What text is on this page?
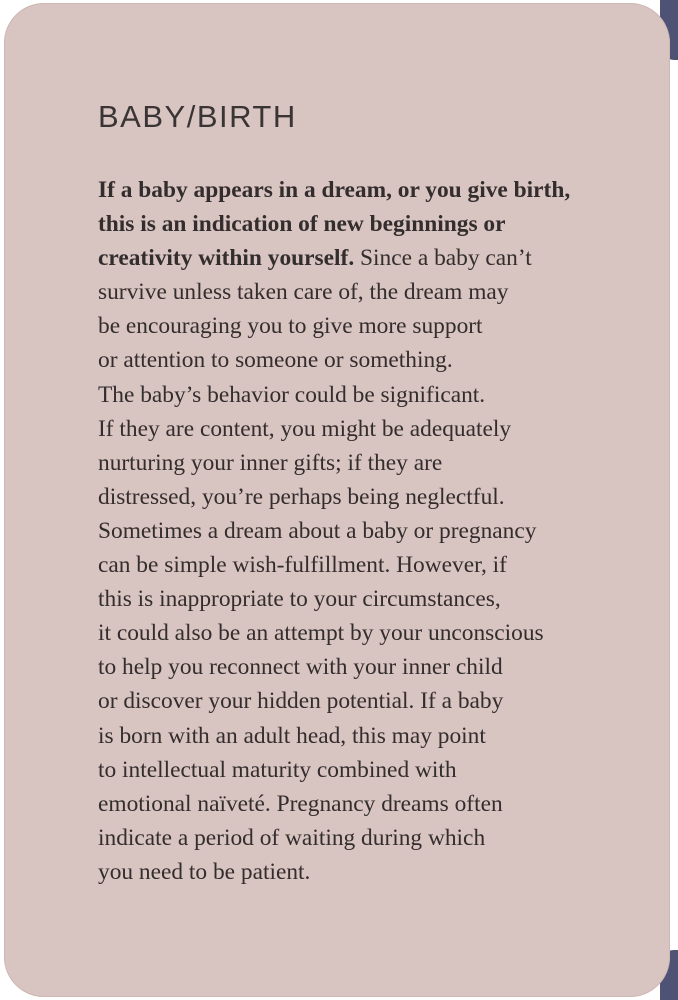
BABY/BIRTH
If a baby appears in a dream, or you give birth,
this is an indication of new beginnings or
creativity within yourself. Since a baby can’t
survive unless taken care of, the dream may
be encouraging you to give more support
or attention to someone or something.
The baby’s behavior could be significant.
If they are content, you might be adequately
nurturing your inner gifts; if they are
distressed, you’re perhaps being neglectful.
Sometimes a dream about a baby or pregnancy
can be simple wish-fulfillment. However, if
this is inappropriate to your circumstances,
it could also be an attempt by your unconscious
to help you reconnect with your inner child
or discover your hidden potential. If a baby
is born with an adult head, this may point
to intellectual maturity combined with
emotional naïveté. Pregnancy dreams often
indicate a period of waiting during which
you need to be patient.
